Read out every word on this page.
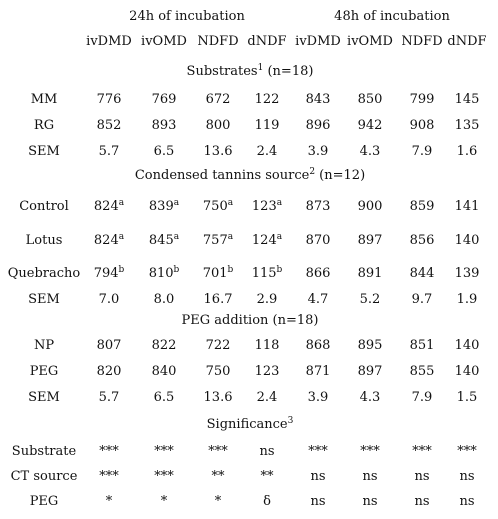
24h of incubation	48h of incubation
ivDMD ivOMD NDFD dNDF ivDMD ivOMD NDFD dNDF
Substrates$^1$ (n=18)
MM	776 769 672 122 843 850 799 145
RG	852 893 800 119 896 942 908 135
SEM	5.7	6.5 13.6 2.4 3.9 4.3 7.9 1.6
Condensed tannins source$^2$ (n=12)
Control 824$^a$ 839$^a$ 750$^a$ 123$^a$ 873 900 859 141
Lotus 824$^a$ 845$^a$ 757$^a$ 124$^a$ 870 897 856 140
Quebracho 794$^b$ 810$^b$ 701$^b$ 115$^b$ 866 891 844 139
SEM	7.0	8.0 16.7 2.9 4.7 5.2 9.7 1.9
PEG addition (n=18)
NP	807 822 722 118 868 895 851 140
PEG	820 840 750 123 871 897 855 140
SEM	5.7	6.5 13.6 2.4 3.9 4.3 7.9 1.5
Significance$^3$
Substrate ***	***	*** ns	***	***	*** ***
CT source ***	***	**	**	ns	ns	ns ns
PEG	*	*	*	δ	ns	ns	ns ns
